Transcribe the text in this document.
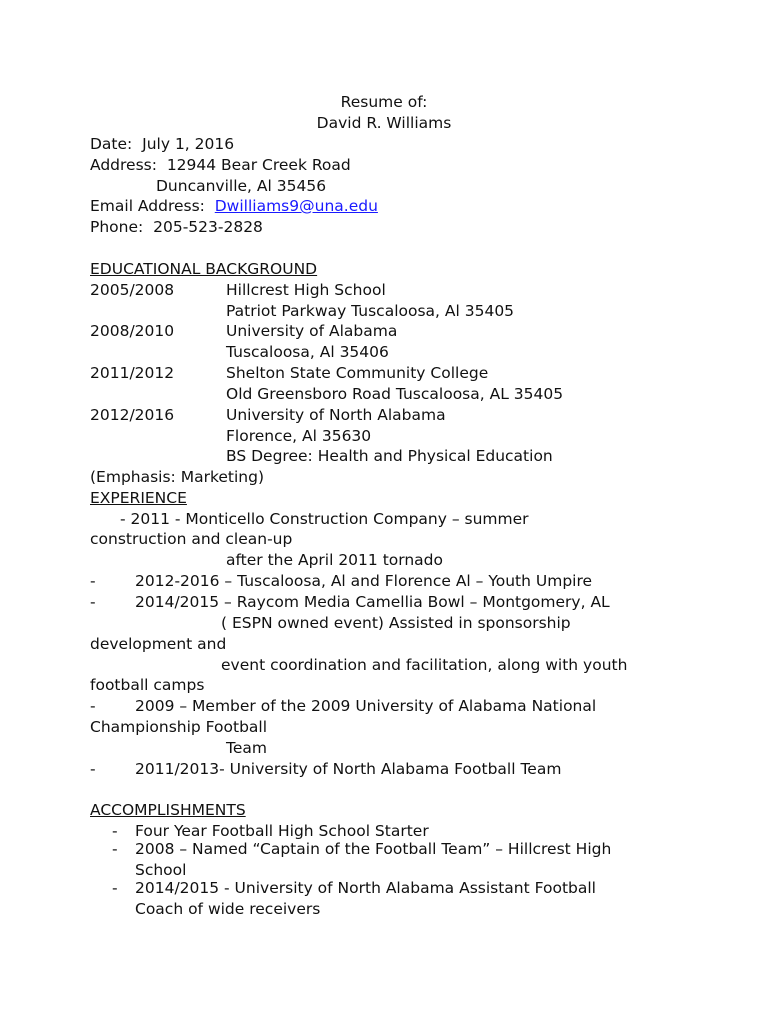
Resume of:

David R. Williams

Date: July 1, 2016

Address: 12944 Bear Creek Road

Duncanville, Al 35456

Email Address: Dwilliams9@una.edu

Phone: 205-523-2828

EDUCATIONAL BACKGROUND

2005/2008	Hillcrest High School

Patriot Parkway Tuscaloosa, Al 35405

2008/2010	University of Alabama

Tuscaloosa, Al 35406

2011/2012	Shelton State Community College

Old Greensboro Road Tuscaloosa, AL 35405

2012/2016	University of North Alabama

Florence, Al 35630

BS Degree: Health and Physical Education

(Emphasis: Marketing)

EXPERIENCE

- 2011 - Monticello Construction Company – summer

construction and clean-up

after the April 2011 tornado

-	2012-2016 – Tuscaloosa, Al and Florence Al – Youth Umpire

-	2014/2015 – Raycom Media Camellia Bowl – Montgomery, AL

( ESPN owned event) Assisted in sponsorship

development and

event coordination and facilitation, along with youth

football camps

-	2009 – Member of the 2009 University of Alabama National

Championship Football

Team

-	2011/2013- University of North Alabama Football Team

ACCOMPLISHMENTS

- Four Year Football High School Starter

- 2008 – Named “Captain of the Football Team” – Hillcrest High

School

- 2014/2015 - University of North Alabama Assistant Football

Coach of wide receivers
